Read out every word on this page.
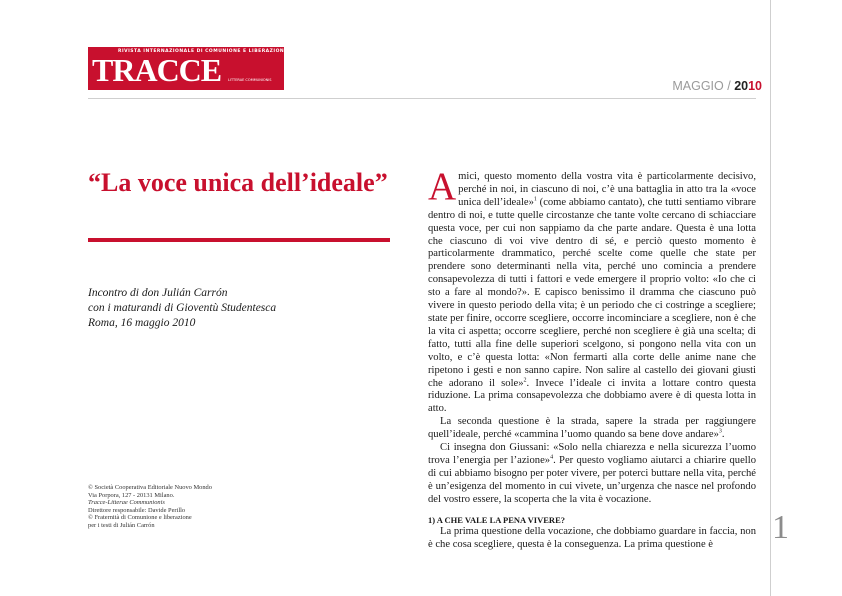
RIVISTA INTERNAZIONALE DI COMUNIONE E LIBERAZIONE
TRACCE LITTERAE COMMUNIONIS	MAGGIO / 2010
“La voce unica dell’ideale”
Incontro di don Julián Carrón
con i maturandi di Gioventù Studentesca
Roma, 16 maggio 2010
© Società Cooperativa Editoriale Nuovo Mondo
Via Porpora, 127 - 20131 Milano.
Tracce-Litterae Communionis
Direttore responsabile: Davide Perillo
© Fraternità di Comunione e liberazione
per i testi di Julián Carrón

Amici, questo momento della vostra vita è particolarmente decisivo, perché in noi, in ciascuno di noi, c’è una battaglia in atto tra la «voce unica dell’ideale»$^1$ (come abbiamo cantato), che tutti sentiamo vibrare dentro di noi, e tutte quelle circostanze che tante volte cercano di schiacciare questa voce, per cui non sappiamo da che parte andare. Questa è una lotta che ciascuno di voi vive dentro di sé, e perciò questo momento è particolarmente drammatico, perché scelte come quelle che state per prendere sono determinanti nella vita, perché uno comincia a prendere consapevolezza di tutti i fattori e vede emergere il proprio volto: «Io che ci sto a fare al mondo?». E capisco benissimo il dramma che ciascuno può vivere in questo periodo della vita; è un periodo che ci costringe a scegliere; state per finire, occorre scegliere, occorre incominciare a scegliere, non è che la vita ci aspetta; occorre scegliere, perché non scegliere è già una scelta; di fatto, tutti alla fine delle superiori scelgono, si pongono nella vita con un volto, e c’è questa lotta: «Non fermarti alla corte delle anime nane che ripetono i gesti e non sanno capire. Non salire al castello dei giovani giusti che adorano il sole»$^2$. Invece l’ideale ci invita a lottare contro questa riduzione. La prima consapevolezza che dobbiamo avere è di questa lotta in atto.

La seconda questione è la strada, sapere la strada per raggiungere quell’ideale, perché «cammina l’uomo quando sa bene dove andare»$^3$.

Ci insegna don Giussani: «Solo nella chiarezza e nella sicurezza l’uomo trova l’energia per l’azione»$^4$. Per questo vogliamo aiutarci a chiarire quello di cui abbiamo bisogno per poter vivere, per poterci buttare nella vita, perché è un’esigenza del momento in cui vivete, un’urgenza che nasce nel profondo del vostro essere, la scoperta che la vita è vocazione.

1) A CHE VALE LA PENA VIVERE?

La prima questione della vocazione, che dobbiamo guardare in faccia, non è che cosa scegliere, questa è la conseguenza. La prima questione è	1
